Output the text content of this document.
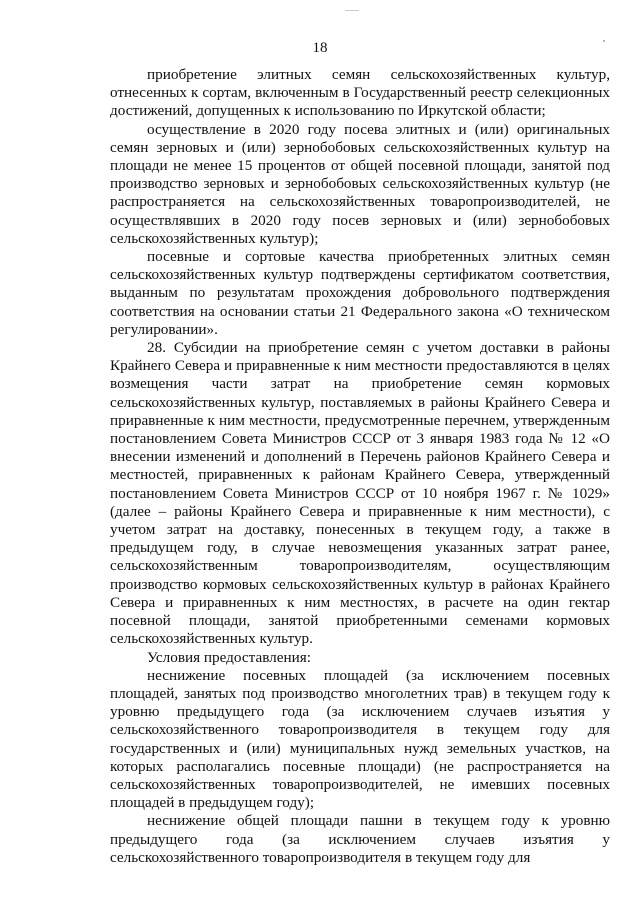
18

приобретение элитных семян сельскохозяйственных культур, отнесенных к сортам, включенным в Государственный реестр селекционных достижений, допущенных к использованию по Иркутской области;

осуществление в 2020 году посева элитных и (или) оригинальных семян зерновых и (или) зернобобовых сельскохозяйственных культур на площади не менее 15 процентов от общей посевной площади, занятой под производство зерновых и зернобобовых сельскохозяйственных культур (не распространяется на сельскохозяйственных товаропроизводителей, не осуществлявших в 2020 году посев зерновых и (или) зернобобовых сельскохозяйственных культур);

посевные и сортовые качества приобретенных элитных семян сельскохозяйственных культур подтверждены сертификатом соответствия, выданным по результатам прохождения добровольного подтверждения соответствия на основании статьи 21 Федерального закона «О техническом регулировании».

28. Субсидии на приобретение семян с учетом доставки в районы Крайнего Севера и приравненные к ним местности предоставляются в целях возмещения части затрат на приобретение семян кормовых сельскохозяйственных культур, поставляемых в районы Крайнего Севера и приравненные к ним местности, предусмотренные перечнем, утвержденным постановлением Совета Министров СССР от 3 января 1983 года № 12 «О внесении изменений и дополнений в Перечень районов Крайнего Севера и местностей, приравненных к районам Крайнего Севера, утвержденный постановлением Совета Министров СССР от 10 ноября 1967 г. № 1029» (далее – районы Крайнего Севера и приравненные к ним местности), с учетом затрат на доставку, понесенных в текущем году, а также в предыдущем году, в случае невозмещения указанных затрат ранее, сельскохозяйственным товаропроизводителям, осуществляющим производство кормовых сельскохозяйственных культур в районах Крайнего Севера и приравненных к ним местностях, в расчете на один гектар посевной площади, занятой приобретенными семенами кормовых сельскохозяйственных культур.

Условия предоставления:

неснижение посевных площадей (за исключением посевных площадей, занятых под производство многолетних трав) в текущем году к уровню предыдущего года (за исключением случаев изъятия у сельскохозяйственного товаропроизводителя в текущем году для государственных и (или) муниципальных нужд земельных участков, на которых располагались посевные площади) (не распространяется на сельскохозяйственных товаропроизводителей, не имевших посевных площадей в предыдущем году);

неснижение общей площади пашни в текущем году к уровню предыдущего года (за исключением случаев изъятия у сельскохозяйственного товаропроизводителя в текущем году для
